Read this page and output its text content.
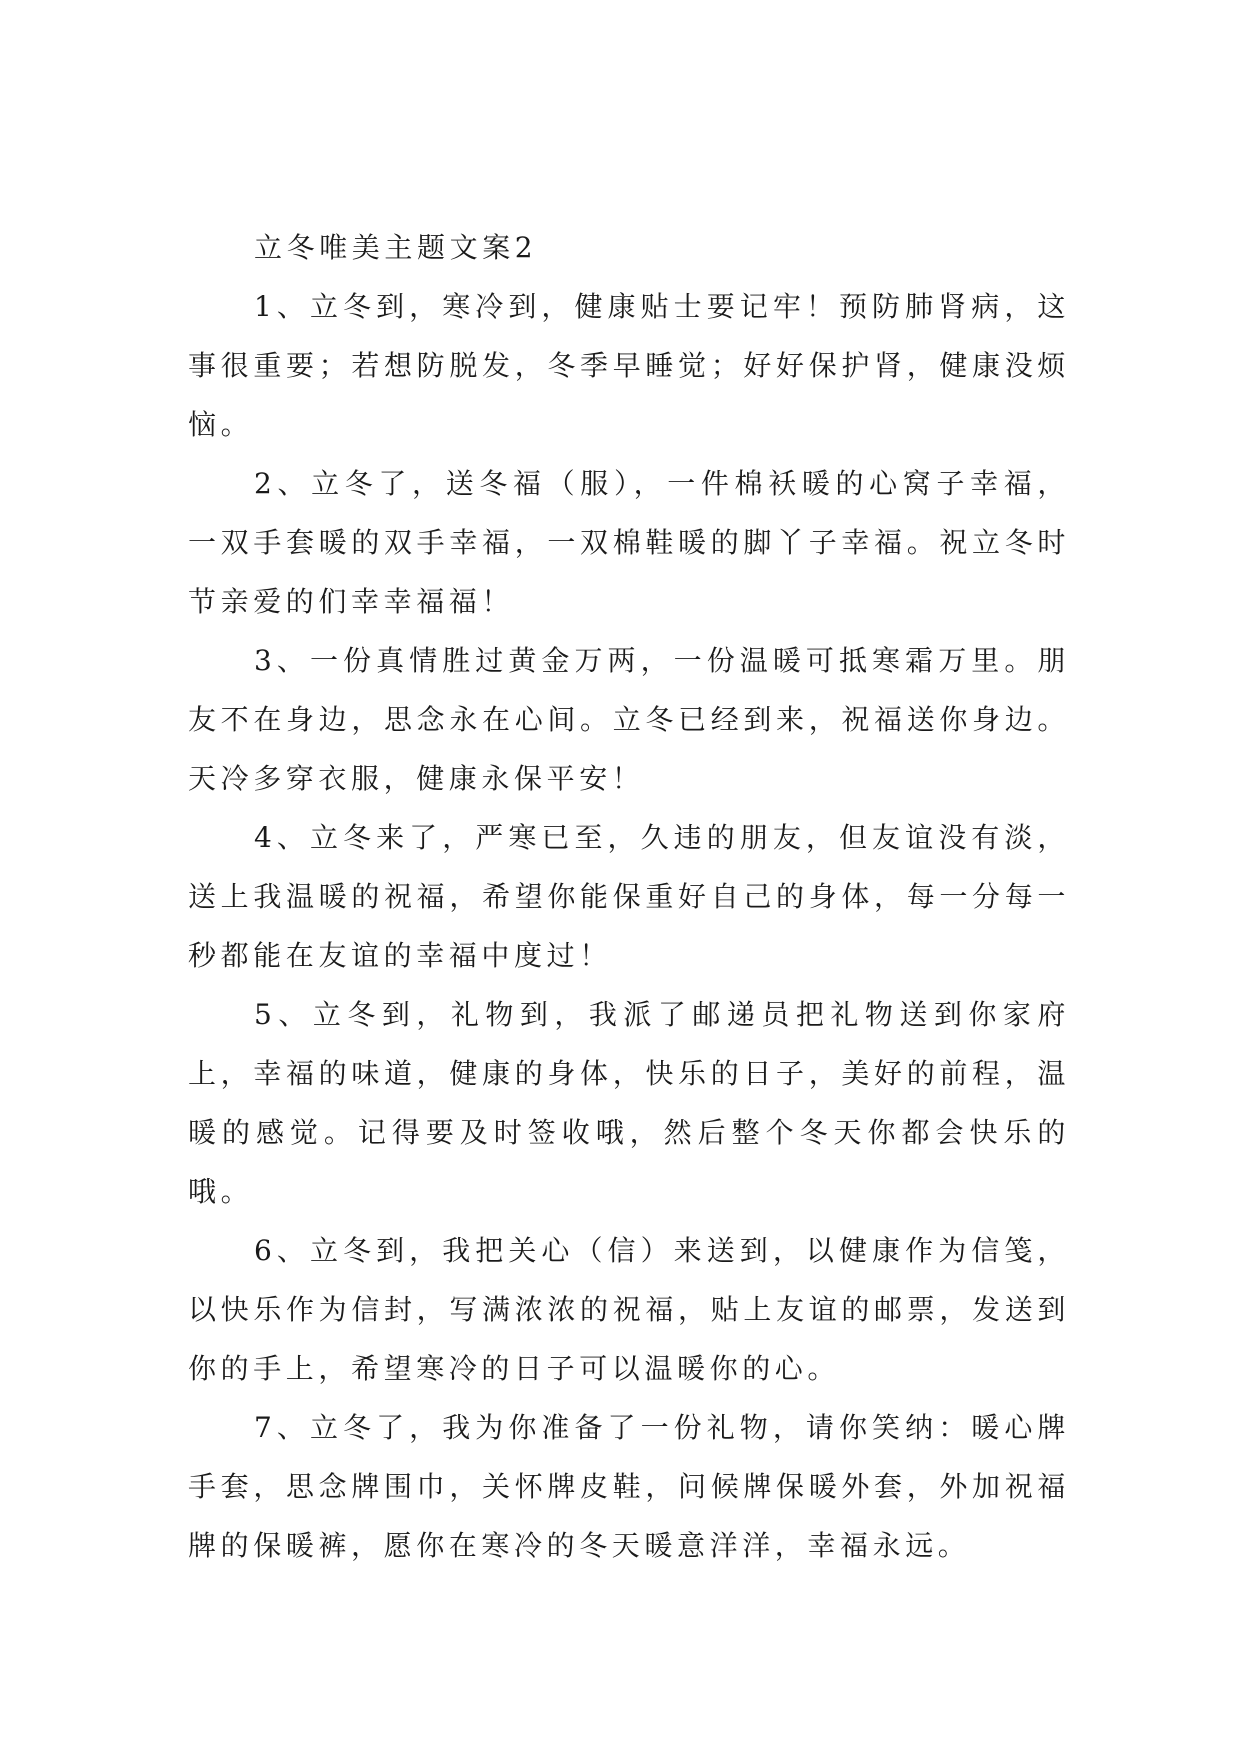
立冬唯美主题文案2

1、立冬到，寒冷到，健康贴士要记牢！预防肺肾病，这事很重要；若想防脱发，冬季早睡觉；好好保护肾，健康没烦恼。

2、立冬了，送冬福（服），一件棉袄暖的心窝子幸福，一双手套暖的双手幸福，一双棉鞋暖的脚丫子幸福。祝立冬时节亲爱的们幸幸福福！

3、一份真情胜过黄金万两，一份温暖可抵寒霜万里。朋友不在身边，思念永在心间。立冬已经到来，祝福送你身边。天冷多穿衣服，健康永保平安！

4、立冬来了，严寒已至，久违的朋友，但友谊没有淡，送上我温暖的祝福，希望你能保重好自己的身体，每一分每一秒都能在友谊的幸福中度过！

5、立冬到，礼物到，我派了邮递员把礼物送到你家府上，幸福的味道，健康的身体，快乐的日子，美好的前程，温暖的感觉。记得要及时签收哦，然后整个冬天你都会快乐的哦。

6、立冬到，我把关心（信）来送到，以健康作为信笺，以快乐作为信封，写满浓浓的祝福，贴上友谊的邮票，发送到你的手上，希望寒冷的日子可以温暖你的心。

7、立冬了，我为你准备了一份礼物，请你笑纳：暖心牌手套，思念牌围巾，关怀牌皮鞋，问候牌保暖外套，外加祝福牌的保暖裤，愿你在寒冷的冬天暖意洋洋，幸福永远。
